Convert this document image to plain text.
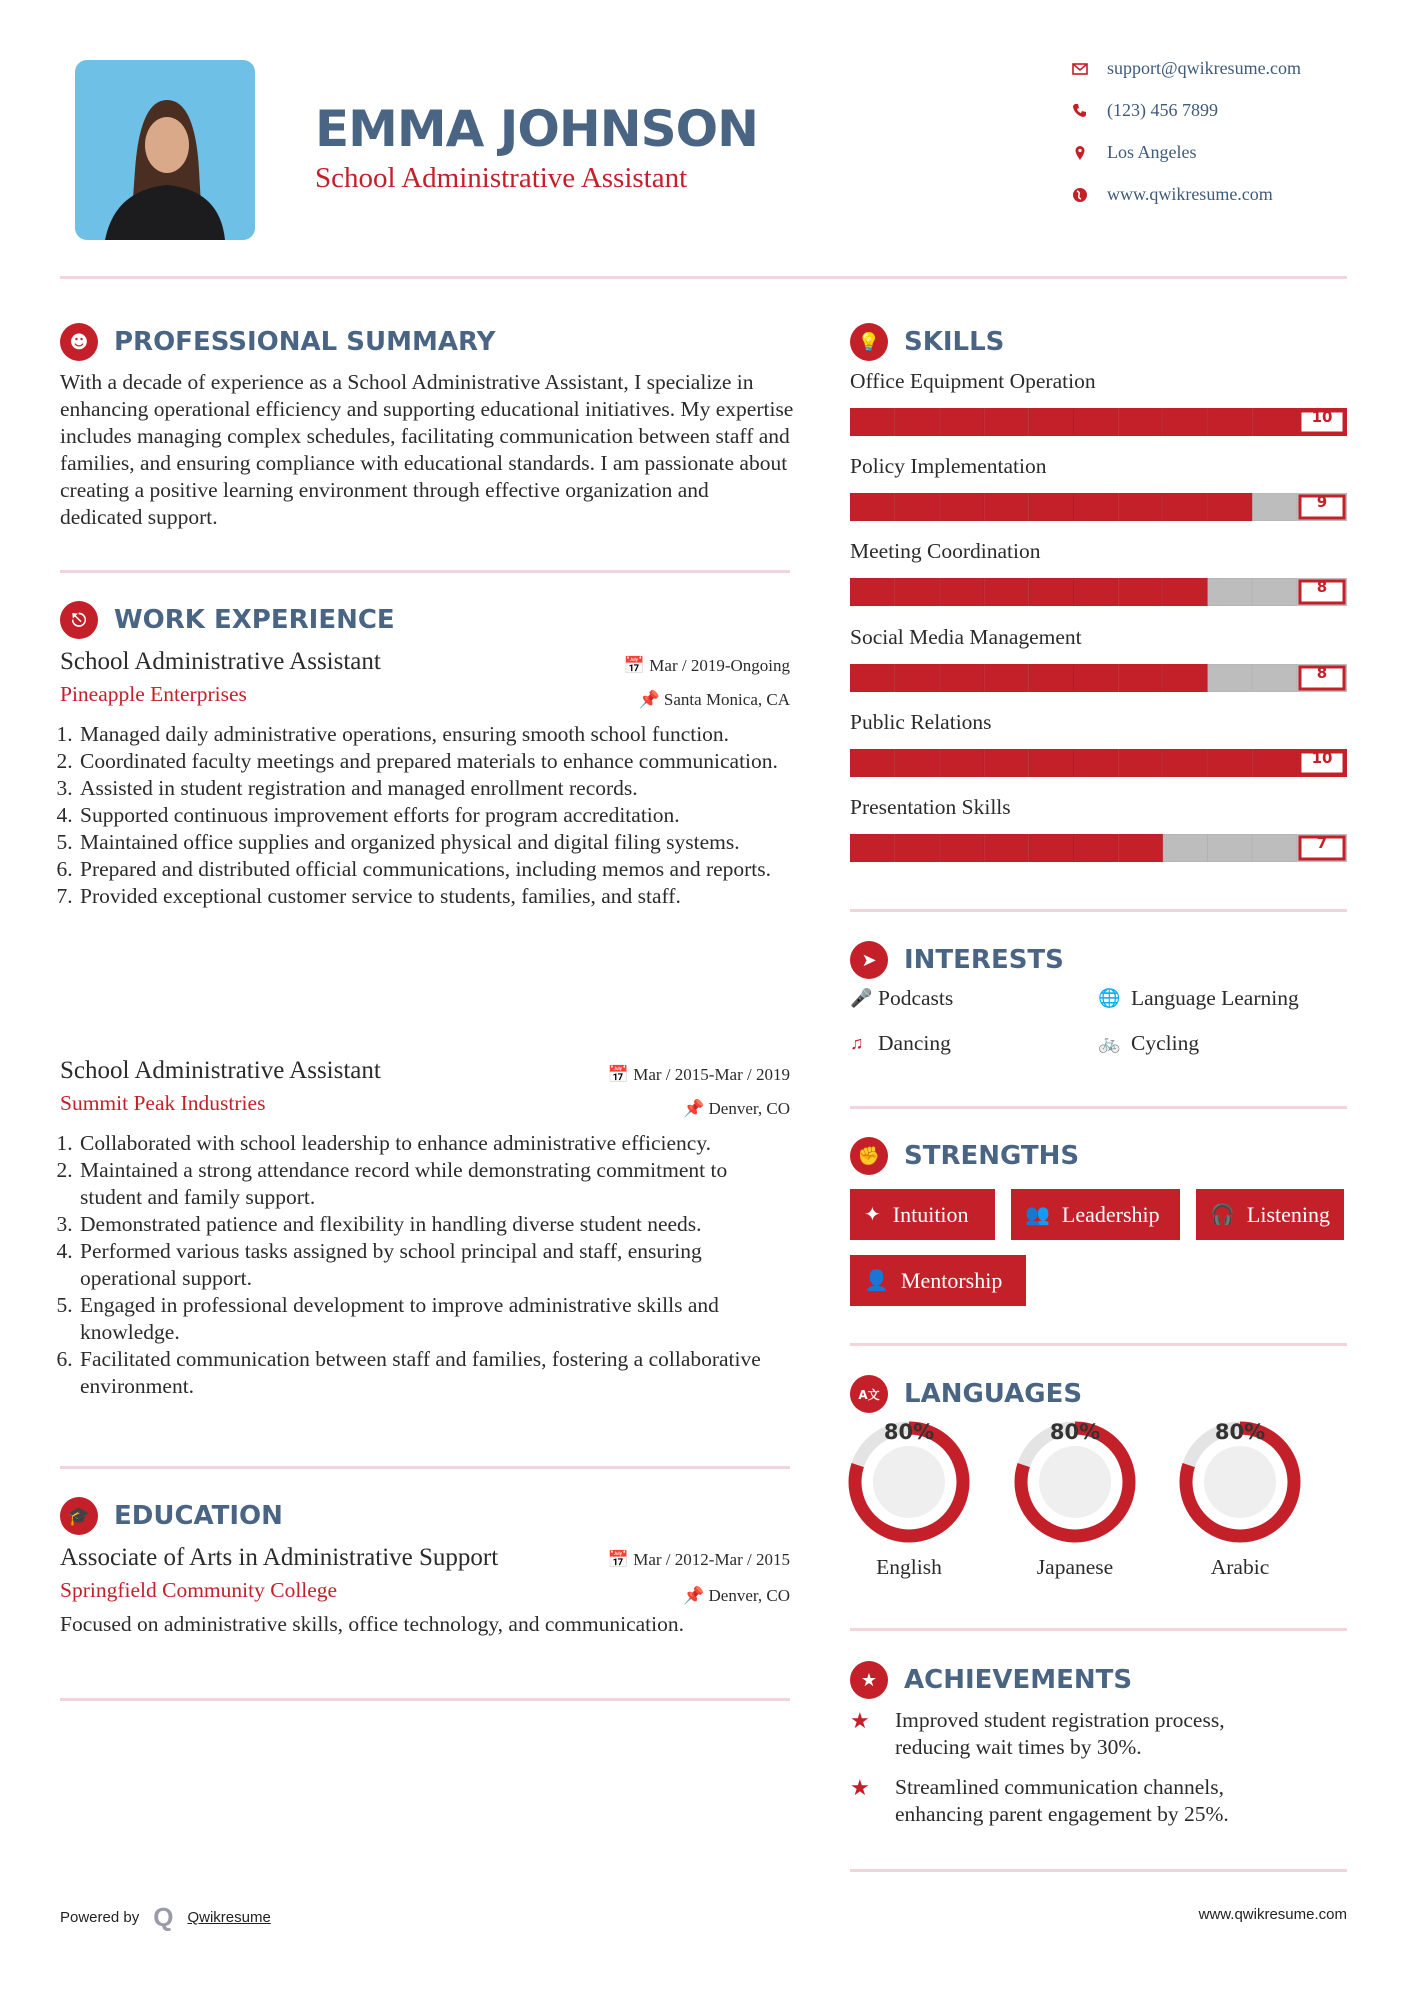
EMMA JOHNSON
School Administrative Assistant
support@qwikresume.com
(123) 456 7899
Los Angeles
www.qwikresume.com
☻ PROFESSIONAL SUMMARY
With a decade of experience as a School Administrative Assistant, I specialize in enhancing operational efficiency and supporting educational initiatives. My expertise includes managing complex schedules, facilitating communication between staff and families, and ensuring compliance with educational standards. I am passionate about creating a positive learning environment through effective organization and dedicated support.
⎋	WORK EXPERIENCE
School Administrative Assistant	📅 Mar / 2019-Ongoing
Pineapple Enterprises	📌 Santa Monica, CA
1. Managed daily administrative operations, ensuring smooth school function.
2. Coordinated faculty meetings and prepared materials to enhance communication.
3. Assisted in student registration and managed enrollment records.
4. Supported continuous improvement efforts for program accreditation.
5. Maintained office supplies and organized physical and digital filing systems.
6. Prepared and distributed official communications, including memos and reports.
7. Provided exceptional customer service to students, families, and staff.
School Administrative Assistant	📅 Mar / 2015-Mar / 2019
Summit Peak Industries	📌 Denver, CO
1. Collaborated with school leadership to enhance administrative efficiency.
2. Maintained a strong attendance record while demonstrating commitment to student and family support.
3. Demonstrated patience and flexibility in handling diverse student needs.
4. Performed various tasks assigned by school principal and staff, ensuring operational support.
5. Engaged in professional development to improve administrative skills and knowledge.
6. Facilitated communication between staff and families, fostering a collaborative environment.
🎓 EDUCATION
Associate of Arts in Administrative Support	📅 Mar / 2012-Mar / 2015
Springfield Community College	📌 Denver, CO
Focused on administrative skills, office technology, and communication.
💡 SKILLS
Office Equipment Operation
10
Policy Implementation
9
Meeting Coordination
8
Social Media Management
8
Public Relations
10
Presentation Skills
7
➤	INTERESTS
🎤 Podcasts	🌐 Language Learning
♫ Dancing	🚲 Cycling
✊ STRENGTHS
✦ Intuition	👥 Leadership	🎧 Listening
👤 Mentorship
A文 LANGUAGES
80%
English
80%
Japanese
80%
Arabic
★	ACHIEVEMENTS
★	Improved student registration process, reducing wait times by 30%.
★	Streamlined communication channels, enhancing parent engagement by 25%.
Powered by Q Qwikresume	www.qwikresume.com
